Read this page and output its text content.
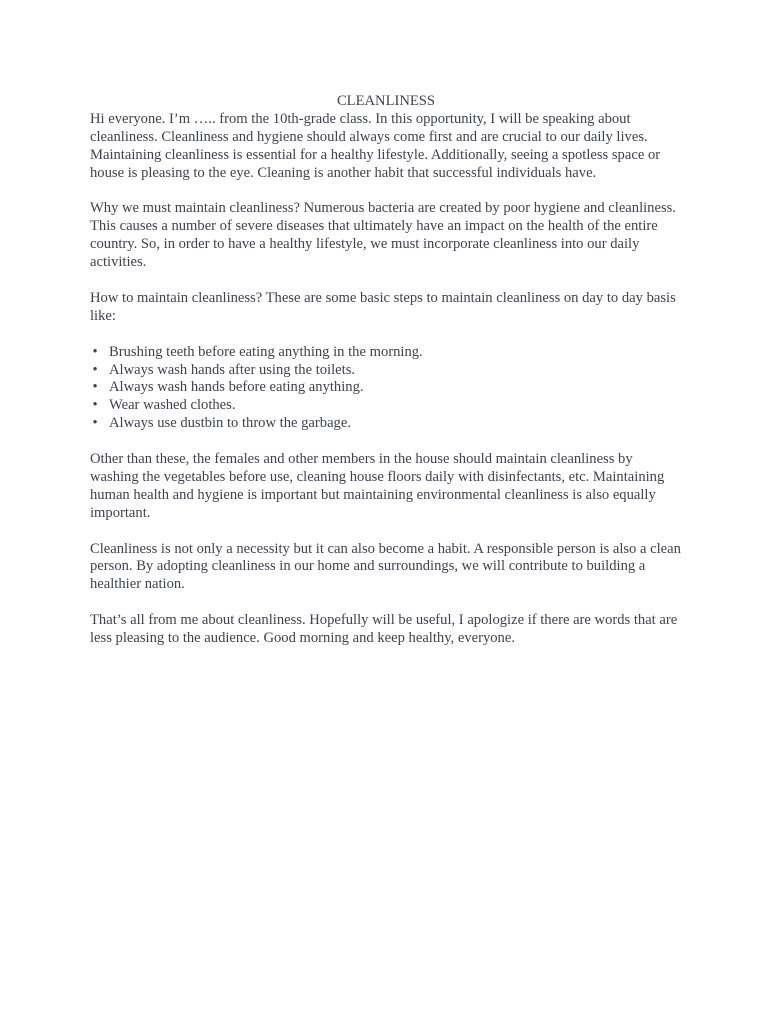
CLEANLINESS

Hi everyone. I’m ….. from the 10th-grade class. In this opportunity, I will be speaking about cleanliness. Cleanliness and hygiene should always come first and are crucial to our daily lives. Maintaining cleanliness is essential for a healthy lifestyle. Additionally, seeing a spotless space or house is pleasing to the eye. Cleaning is another habit that successful individuals have.

Why we must maintain cleanliness? Numerous bacteria are created by poor hygiene and cleanliness. This causes a number of severe diseases that ultimately have an impact on the health of the entire country. So, in order to have a healthy lifestyle, we must incorporate cleanliness into our daily activities.

How to maintain cleanliness? These are some basic steps to maintain cleanliness on day to day basis like:

• Brushing teeth before eating anything in the morning.
• Always wash hands after using the toilets.
• Always wash hands before eating anything.
• Wear washed clothes.
• Always use dustbin to throw the garbage.

Other than these, the females and other members in the house should maintain cleanliness by washing the vegetables before use, cleaning house floors daily with disinfectants, etc. Maintaining human health and hygiene is important but maintaining environmental cleanliness is also equally important.

Cleanliness is not only a necessity but it can also become a habit. A responsible person is also a clean person. By adopting cleanliness in our home and surroundings, we will contribute to building a healthier nation.

That’s all from me about cleanliness. Hopefully will be useful, I apologize if there are words that are less pleasing to the audience. Good morning and keep healthy, everyone.
